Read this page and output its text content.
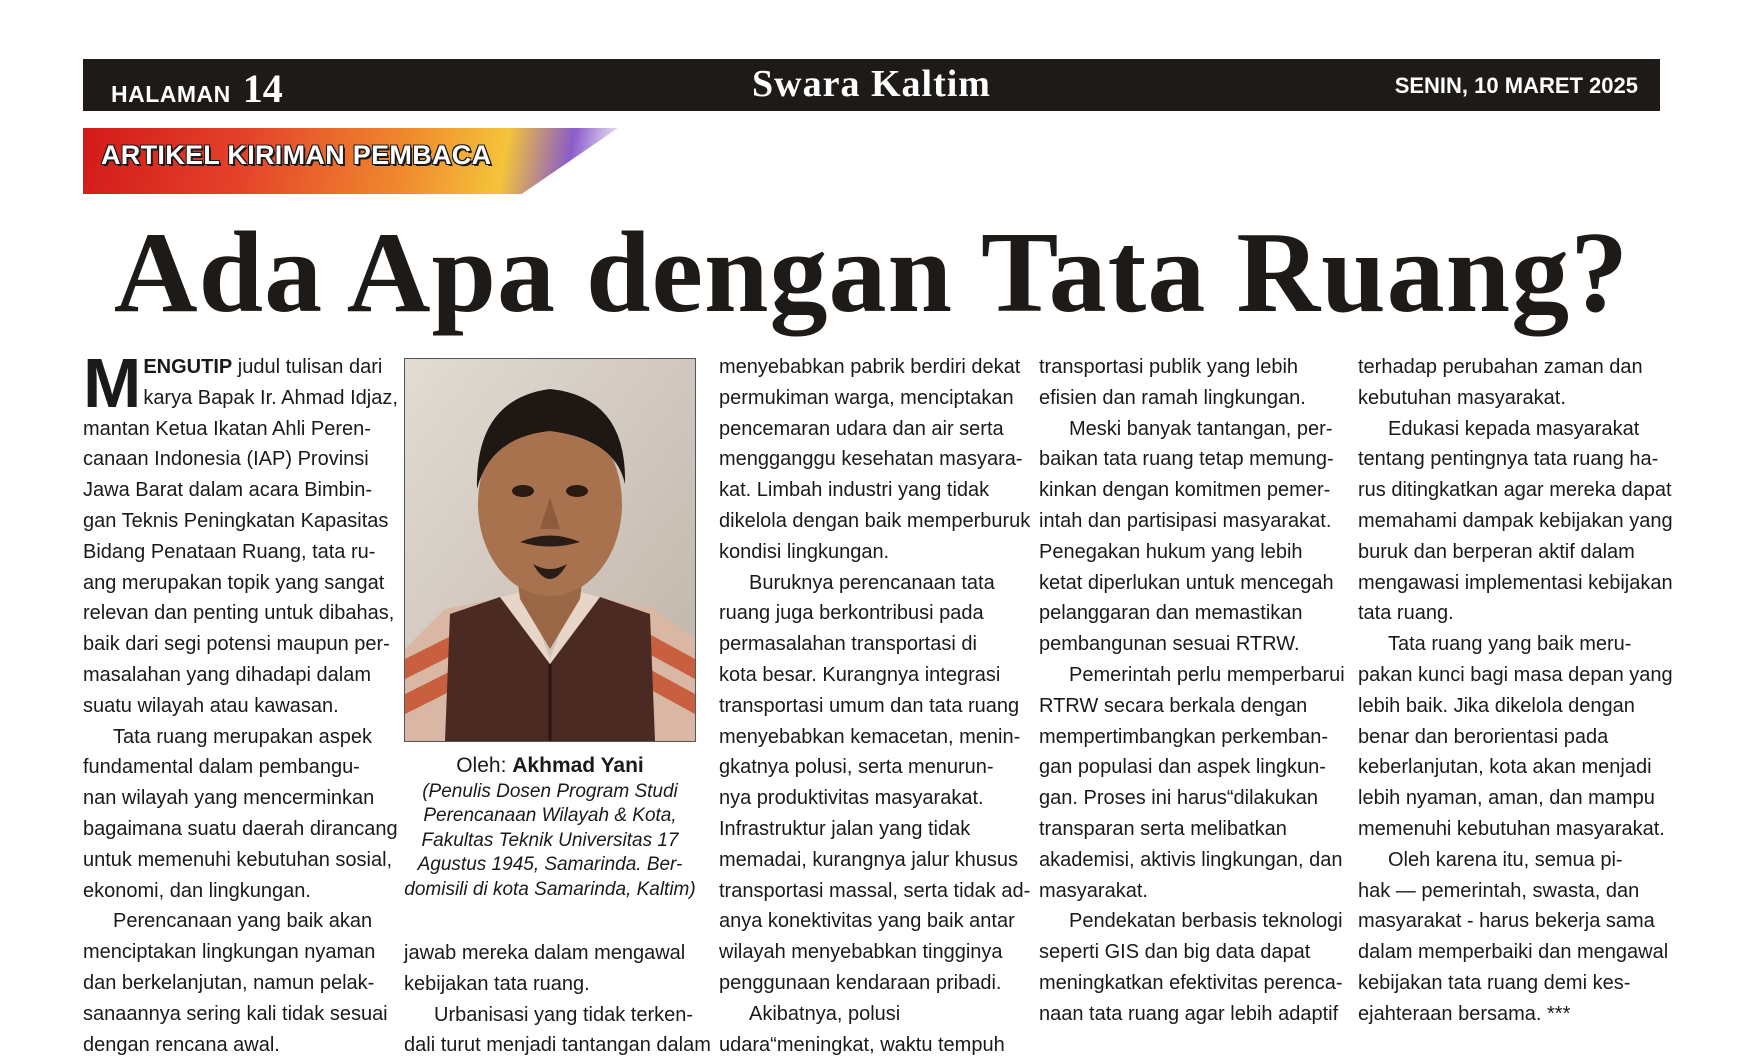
HALAMAN 14	Swara Kaltim	SENIN, 10 MARET 2025
ARTIKEL KIRIMAN PEMBACA
Ada Apa dengan Tata Ruang?
M ENGUTIP judul tulisan dari

karya Bapak Ir. Ahmad Idjaz,

mantan Ketua Ikatan Ahli Peren-

canaan Indonesia (IAP) Provinsi

Jawa Barat dalam acara Bimbin-

gan Teknis Peningkatan Kapasitas

Bidang Penataan Ruang, tata ru-

ang merupakan topik yang sangat

relevan dan penting untuk dibahas,

baik dari segi potensi maupun per-

masalahan yang dihadapi dalam

suatu wilayah atau kawasan.

Tata ruang merupakan aspek

fundamental dalam pembangu-

nan wilayah yang mencerminkan

bagaimana suatu daerah dirancang

untuk memenuhi kebutuhan sosial,

ekonomi, dan lingkungan.

Perencanaan yang baik akan

menciptakan lingkungan nyaman

dan berkelanjutan, namun pelak-

sanaannya sering kali tidak sesuai

dengan rencana awal.

Oleh: Akhmad Yani
(Penulis Dosen Program Studi
Perencanaan Wilayah & Kota,
Fakultas Teknik Universitas 17
Agustus 1945, Samarinda. Ber-
domisili di kota Samarinda, Kaltim)

jawab mereka dalam mengawal

kebijakan tata ruang.

Urbanisasi yang tidak terken-

dali turut menjadi tantangan dalam

menyebabkan pabrik berdiri dekat

permukiman warga, menciptakan

pencemaran udara dan air serta

mengganggu kesehatan masyara-

kat. Limbah industri yang tidak

dikelola dengan baik memperburuk

kondisi lingkungan.

Buruknya perencanaan tata

ruang juga berkontribusi pada

permasalahan transportasi di

kota besar. Kurangnya integrasi

transportasi umum dan tata ruang

menyebabkan kemacetan, menin-

gkatnya polusi, serta menurun-

nya produktivitas masyarakat.

Infrastruktur jalan yang tidak

memadai, kurangnya jalur khusus

transportasi massal, serta tidak ad-

anya konektivitas yang baik antar

wilayah menyebabkan tingginya

penggunaan kendaraan pribadi.

Akibatnya, polusi

udara“meningkat, waktu tempuh

transportasi publik yang lebih

efisien dan ramah lingkungan.

Meski banyak tantangan, per-

baikan tata ruang tetap memung-

kinkan dengan komitmen pemer-

intah dan partisipasi masyarakat.

Penegakan hukum yang lebih

ketat diperlukan untuk mencegah

pelanggaran dan memastikan

pembangunan sesuai RTRW.

Pemerintah perlu memperbarui

RTRW secara berkala dengan

mempertimbangkan perkemban-

gan populasi dan aspek lingkun-

gan. Proses ini harus“dilakukan

transparan serta melibatkan

akademisi, aktivis lingkungan, dan

masyarakat.

Pendekatan berbasis teknologi

seperti GIS dan big data dapat

meningkatkan efektivitas perenca-

naan tata ruang agar lebih adaptif

terhadap perubahan zaman dan

kebutuhan masyarakat.

Edukasi kepada masyarakat

tentang pentingnya tata ruang ha-

rus ditingkatkan agar mereka dapat

memahami dampak kebijakan yang

buruk dan berperan aktif dalam

mengawasi implementasi kebijakan

tata ruang.

Tata ruang yang baik meru-

pakan kunci bagi masa depan yang

lebih baik. Jika dikelola dengan

benar dan berorientasi pada

keberlanjutan, kota akan menjadi

lebih nyaman, aman, dan mampu

memenuhi kebutuhan masyarakat.

Oleh karena itu, semua pi-

hak — pemerintah, swasta, dan

masyarakat - harus bekerja sama

dalam memperbaiki dan mengawal

kebijakan tata ruang demi kes-

ejahteraan bersama. ***
